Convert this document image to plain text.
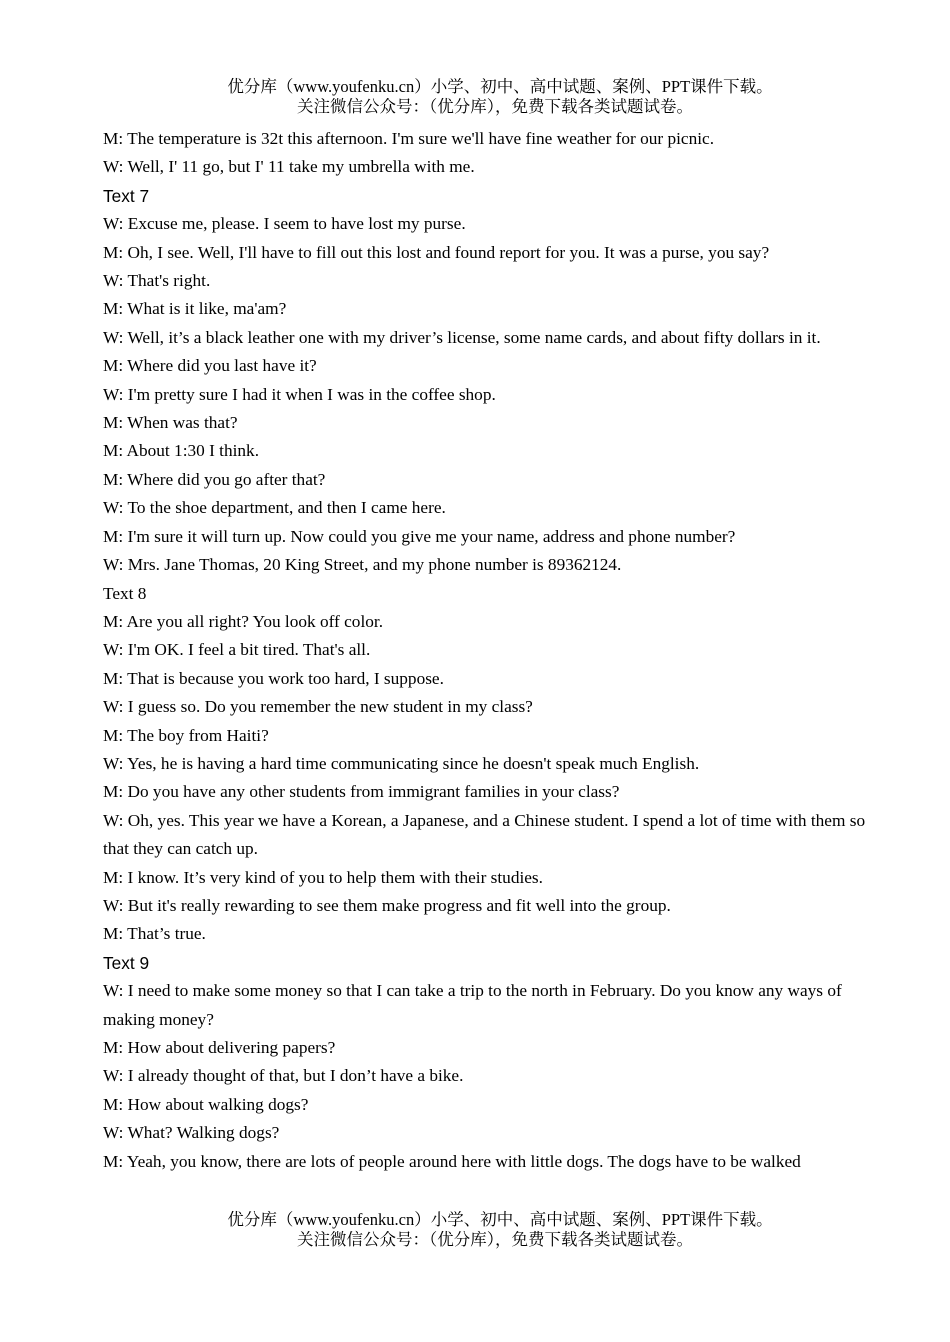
优分库（www.youfenku.cn）小学、初中、高中试题、案例、PPT课件下载。
关注微信公众号：（优分库），免费下载各类试题试卷。

M: The temperature is 32t this afternoon. I'm sure we'll have fine weather for our picnic.

W: Well, I' 11 go, but I' 11 take my umbrella with me.

Text 7

W: Excuse me, please. I seem to have lost my purse.

M: Oh, I see. Well, I'll have to fill out this lost and found report for you. It was a purse, you say?

W: That's right.

M: What is it like, ma'am?

W: Well, it’s a black leather one with my driver’s license, some name cards, and about fifty dollars in it.

M: Where did you last have it?

W: I'm pretty sure I had it when I was in the coffee shop.

M: When was that?

M: About 1:30 I think.

M: Where did you go after that?

W: To the shoe department, and then I came here.

M: I'm sure it will turn up. Now could you give me your name, address and phone number?

W: Mrs. Jane Thomas, 20 King Street, and my phone number is 89362124.

Text 8

M: Are you all right? You look off color.

W: I'm OK. I feel a bit tired. That's all.

M: That is because you work too hard, I suppose.

W: I guess so. Do you remember the new student in my class?

M: The boy from Haiti?

W: Yes, he is having a hard time communicating since he doesn't speak much English.

M: Do you have any other students from immigrant families in your class?

W: Oh, yes. This year we have a Korean, a Japanese, and a Chinese student. I spend a lot of time with them so that they can catch up.

M: I know. It’s very kind of you to help them with their studies.

W: But it's really rewarding to see them make progress and fit well into the group.

M: That’s true.

Text 9

W: I need to make some money so that I can take a trip to the north in February. Do you know any ways of making money?

M: How about delivering papers?

W: I already thought of that, but I don’t have a bike.

M: How about walking dogs?

W: What? Walking dogs?

M: Yeah, you know, there are lots of people around here with little dogs. The dogs have to be walked

优分库（www.youfenku.cn）小学、初中、高中试题、案例、PPT课件下载。
关注微信公众号：（优分库），免费下载各类试题试卷。
